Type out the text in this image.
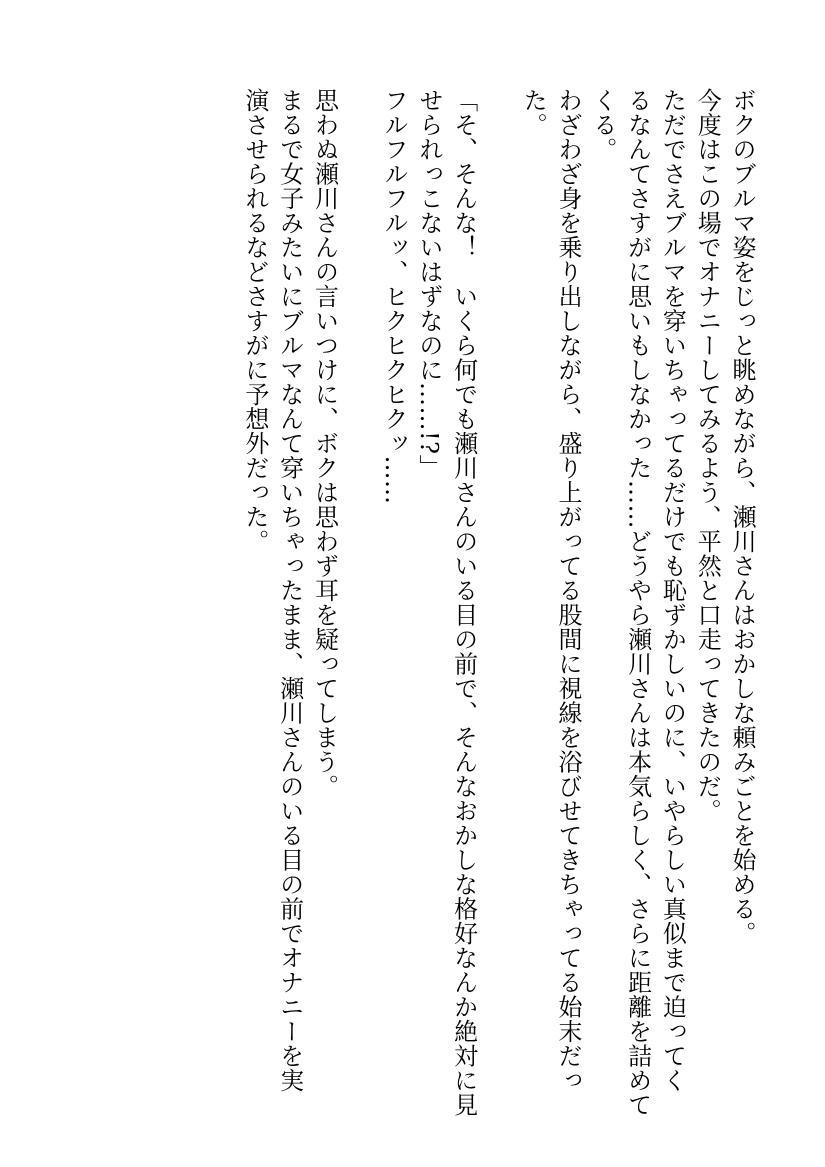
ボクのブルマ姿をじっと眺めながら、瀬川さんはおかしな頼みごとを始める。
今度はこの場でオナニーしてみるよう、平然と口走ってきたのだ。
ただでさえブルマを穿いちゃってるだけでも恥ずかしいのに、いやらしい真似まで迫ってく
るなんてさすがに思いもしなかった……どうやら瀬川さんは本気らしく、さらに距離を詰めて
くる。
わざわざ身を乗り出しながら、盛り上がってる股間に視線を浴びせてきちゃってる始末だっ
た。
「そ、そんな！　いくら何でも瀬川さんのいる目の前で、そんなおかしな格好なんか絶対に見
せられっこないはずなのに……!?」
フルフルフルッ、ヒクヒクヒクッ……
思わぬ瀬川さんの言いつけに、ボクは思わず耳を疑ってしまう。
まるで女子みたいにブルマなんて穿いちゃったまま、瀬川さんのいる目の前でオナニーを実
演させられるなどさすがに予想外だった。
